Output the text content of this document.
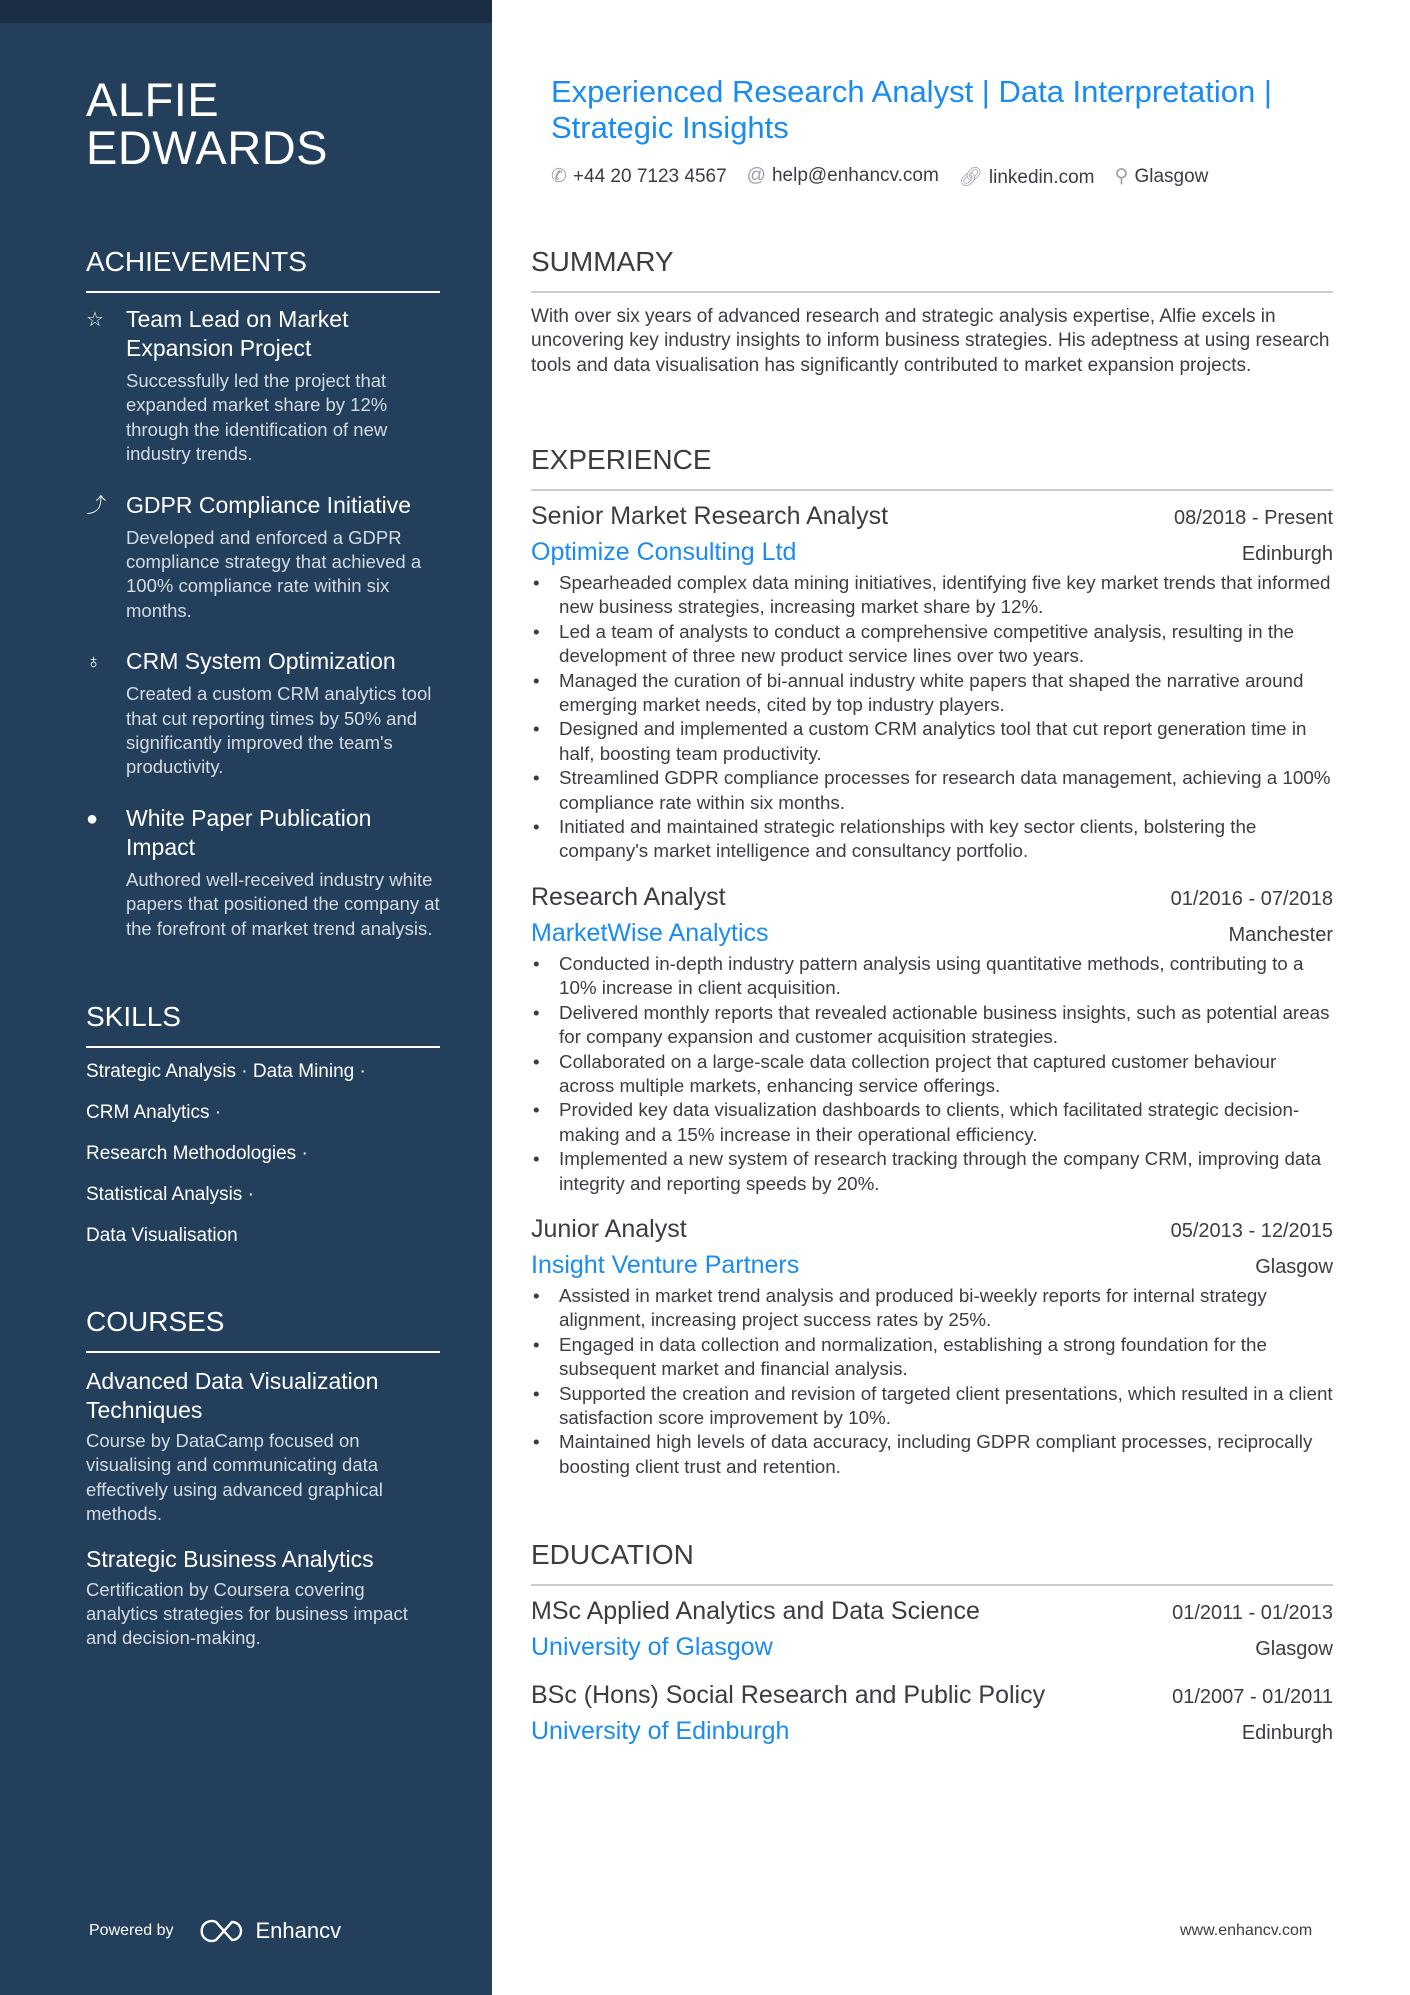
ALFIE
EDWARDS
ACHIEVEMENTS
☆ Team Lead on Market Expansion Project
Successfully led the project that expanded market share by 12% through the identification of new industry trends.
⤴ GDPR Compliance Initiative
Developed and enforced a GDPR compliance strategy that achieved a 100% compliance rate within six months.
♁	CRM System Optimization
Created a custom CRM analytics tool that cut reporting times by 50% and significantly improved the team's productivity.
●	White Paper Publication Impact
Authored well-received industry white papers that positioned the company at the forefront of market trend analysis.
SKILLS
Strategic Analysis · Data Mining ·
CRM Analytics ·
Research Methodologies ·
Statistical Analysis ·
Data Visualisation
COURSES
Advanced Data Visualization Techniques
Course by DataCamp focused on visualising and communicating data effectively using advanced graphical methods.
Strategic Business Analytics
Certification by Coursera covering analytics strategies for business impact and decision-making.
Powered by	Enhancv
Experienced Research Analyst | Data Interpretation | Strategic Insights
✆ +44 20 7123 4567 @ help@enhancv.com 🔗︎ linkedin.com ⚲ Glasgow
SUMMARY
With over six years of advanced research and strategic analysis expertise, Alfie excels in uncovering key industry insights to inform business strategies. His adeptness at using research tools and data visualisation has significantly contributed to market expansion projects.
EXPERIENCE
Senior Market Research Analyst	08/2018 - Present
Optimize Consulting Ltd	Edinburgh
• Spearheaded complex data mining initiatives, identifying five key market trends that informed new business strategies, increasing market share by 12%.
• Led a team of analysts to conduct a comprehensive competitive analysis, resulting in the development of three new product service lines over two years.
• Managed the curation of bi-annual industry white papers that shaped the narrative around emerging market needs, cited by top industry players.
• Designed and implemented a custom CRM analytics tool that cut report generation time in half, boosting team productivity.
• Streamlined GDPR compliance processes for research data management, achieving a 100% compliance rate within six months.
• Initiated and maintained strategic relationships with key sector clients, bolstering the company's market intelligence and consultancy portfolio.
Research Analyst	01/2016 - 07/2018
MarketWise Analytics	Manchester
• Conducted in-depth industry pattern analysis using quantitative methods, contributing to a 10% increase in client acquisition.
• Delivered monthly reports that revealed actionable business insights, such as potential areas for company expansion and customer acquisition strategies.
• Collaborated on a large-scale data collection project that captured customer behaviour across multiple markets, enhancing service offerings.
• Provided key data visualization dashboards to clients, which facilitated strategic decision-making and a 15% increase in their operational efficiency.
• Implemented a new system of research tracking through the company CRM, improving data integrity and reporting speeds by 20%.
Junior Analyst	05/2013 - 12/2015
Insight Venture Partners	Glasgow
• Assisted in market trend analysis and produced bi-weekly reports for internal strategy alignment, increasing project success rates by 25%.
• Engaged in data collection and normalization, establishing a strong foundation for the subsequent market and financial analysis.
• Supported the creation and revision of targeted client presentations, which resulted in a client satisfaction score improvement by 10%.
• Maintained high levels of data accuracy, including GDPR compliant processes, reciprocally boosting client trust and retention.
EDUCATION
MSc Applied Analytics and Data Science	01/2011 - 01/2013
University of Glasgow	Glasgow
BSc (Hons) Social Research and Public Policy	01/2007 - 01/2011
University of Edinburgh	Edinburgh
www.enhancv.com
